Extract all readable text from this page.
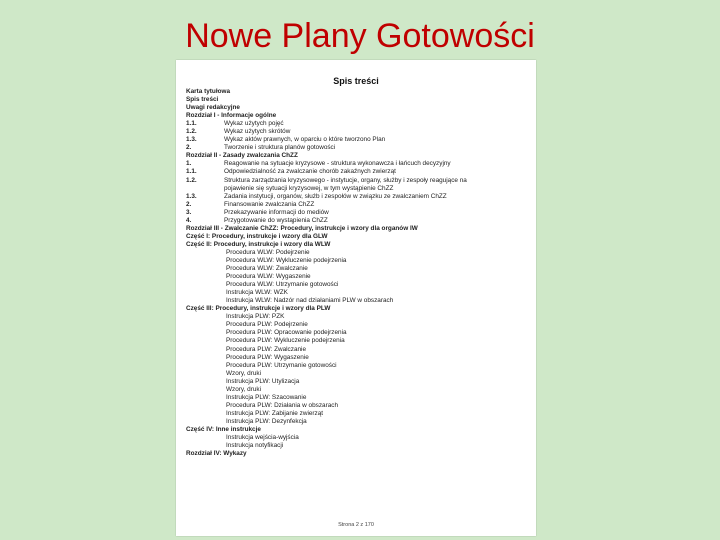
Nowe Plany Gotowości
Spis treści
Karta tytułowa
Spis treści
Uwagi redakcyjne
Rozdział I - Informacje ogólne
1.1.	Wykaz użytych pojęć
1.2.	Wykaz użytych skrótów
1.3.	Wykaz aktów prawnych, w oparciu o które tworzono Plan
2.	Tworzenie i struktura planów gotowości
Rozdział II - Zasady zwalczania ChZZ
1.	Reagowanie na sytuacje kryzysowe - struktura wykonawcza i łańcuch decyzyjny
1.1.	Odpowiedzialność za zwalczanie chorób zakaźnych zwierząt
1.2.	Struktura zarządzania kryzysowego - instytucje, organy, służby i zespoły reagujące na
pojawienie się sytuacji kryzysowej, w tym wystąpienie ChZZ
1.3.	Zadania instytucji, organów, służb i zespołów w związku ze zwalczaniem ChZZ
2.	Finansowanie zwalczania ChZZ
3.	Przekazywanie informacji do mediów
4.	Przygotowanie do wystąpienia ChZZ
Rozdział III - Zwalczanie ChZZ: Procedury, instrukcje i wzory dla organów IW
Część I: Procedury, instrukcje i wzory dla GLW
Część II: Procedury, instrukcje i wzory dla WLW
Procedura WLW: Podejrzenie
Procedura WLW: Wykluczenie podejrzenia
Procedura WLW: Zwalczanie
Procedura WLW: Wygaszenie
Procedura WLW: Utrzymanie gotowości
Instrukcja WLW: WZK
Instrukcja WLW: Nadzór nad działaniami PLW w obszarach
Część III: Procedury, instrukcje i wzory dla PLW
Instrukcja PLW: PZK
Procedura PLW: Podejrzenie
Procedura PLW: Opracowanie podejrzenia
Procedura PLW: Wykluczenie podejrzenia
Procedura PLW: Zwalczanie
Procedura PLW: Wygaszenie
Procedura PLW: Utrzymanie gotowości
Wzory, druki
Instrukcja PLW: Utylizacja
Wzory, druki
Instrukcja PLW: Szacowanie
Procedura PLW: Działania w obszarach
Instrukcja PLW: Zabijanie zwierząt
Instrukcja PLW: Dezynfekcja
Część IV: Inne instrukcje
Instrukcja wejścia-wyjścia
Instrukcja notyfikacji
Rozdział IV: Wykazy
Strona 2 z 170
